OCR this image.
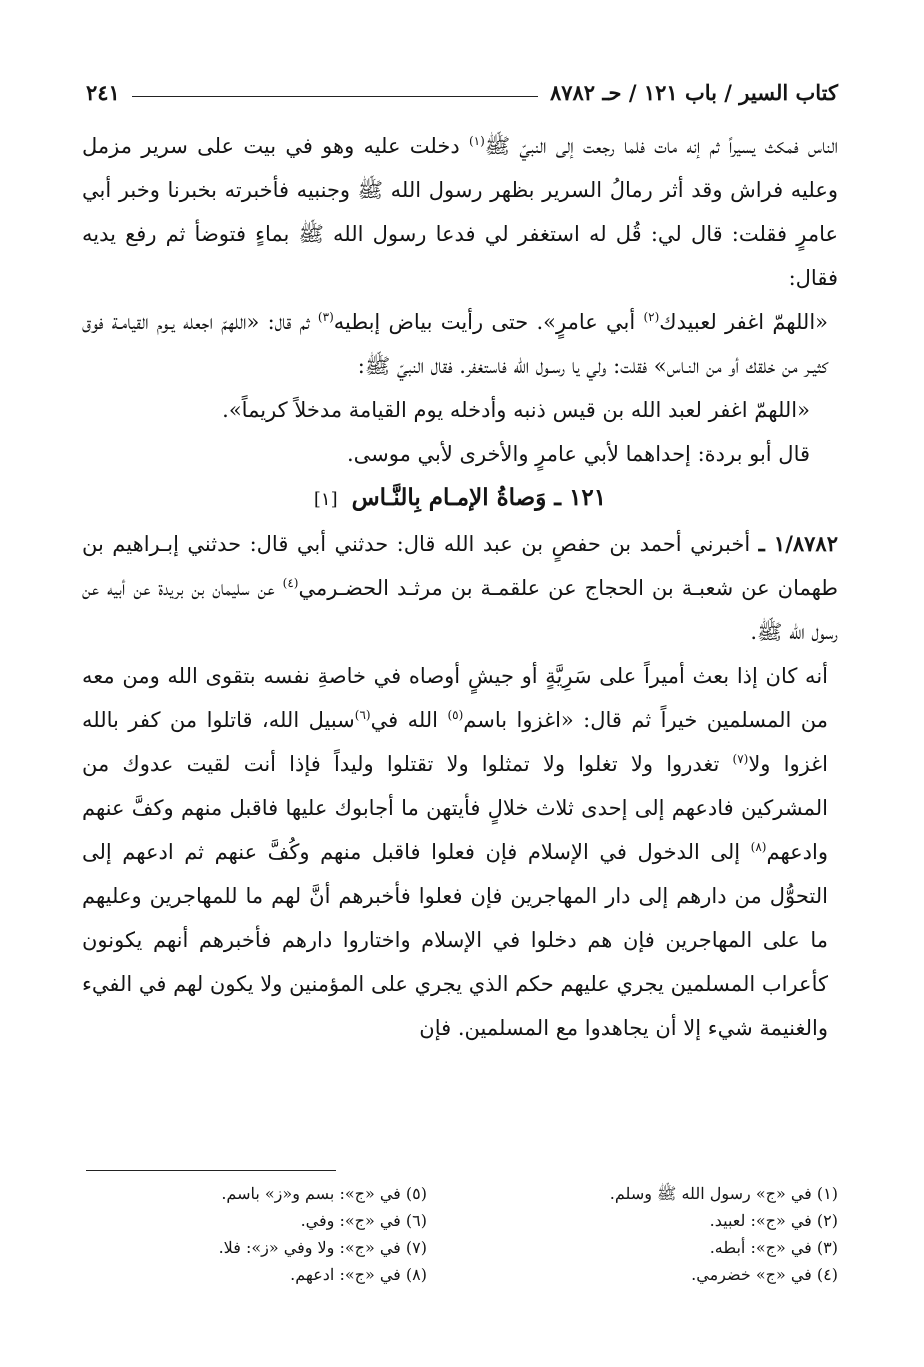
كتاب السير / باب ١٢١ / حـ ٨٧٨٢
٢٤١

الناس فمكث يسيراً ثم إنه مات فلما رجعت إلى النبيّ ﷺ$^{(١)}$ دخلت عليه وهو في بيت على سرير مزمل وعليه فراش وقد أثر رمالُ السرير بظهر رسول الله ﷺ وجنبيه فأخبرته بخبرنا وخبر أبي عامرٍ فقلت: قال لي: قُل له استغفر لي فدعا رسول الله ﷺ بماءٍ فتوضأ ثم رفع يديه فقال:

«اللهمّ اغفر لعبيدك$^{(٢)}$ أبي عامرٍ». حتى رأيت بياض إبطيه$^{(٣)}$ ثم قال: «اللهمّ اجعله يـوم القيامـة فوق كثيـر من خلقك أو من النـاس» فقلت: ولي يا رسـول الله فاستغفر. فقال النبيّ ﷺ:

«اللهمّ اغفر لعبد الله بن قيس ذنبه وأدخله يوم القيامة مدخلاً كريماً».

قال أبو بردة: إحداهما لأبي عامرٍ والأخرى لأبي موسى.

١٢١ ـ وَصاةُ الإمـام بِالنَّـاس[١]

١/٨٧٨٢ ـ أخبرني أحمد بن حفصٍ بن عبد الله قال: حدثني أبي قال: حدثني إبـراهيم بن طهمان عن شعبـة بن الحجاج عن علقمـة بن مرثـد الحضـرمي$^{(٤)}$ عن سليمان بن بريدة عن أبيه عن رسول الله ﷺ.

أنه كان إذا بعث أميراً على سَرِيَّةٍ أو جيشٍ أوصاه في خاصةِ نفسه بتقوى الله ومن معه من المسلمين خيراً ثم قال: «اغزوا باسم$^{(٥)}$ الله في$^{(٦)}$سبيل الله، قاتلوا من كفر بالله اغزوا ولا$^{(٧)}$ تغدروا ولا تغلوا ولا تمثلوا ولا تقتلوا وليداً فإذا أنت لقيت عدوك من المشركين فادعهم إلى إحدى ثلاث خلالٍ فأيتهن ما أجابوك عليها فاقبل منهم وكفَّ عنهم وادعهم$^{(٨)}$ إلى الدخول في الإسلام فإن فعلوا فاقبل منهم وكُفَّ عنهم ثم ادعهم إلى التحوُّل من دارهم إلى دار المهاجرين فإن فعلوا فأخبرهم أنَّ لهم ما للمهاجرين وعليهم ما على المهاجرين فإن هم دخلوا في الإسلام واختاروا دارهم فأخبرهم أنهم يكونون كأعراب المسلمين يجري عليهم حكم الذي يجري على المؤمنين ولا يكون لهم في الفيء والغنيمة شيء إلا أن يجاهدوا مع المسلمين. فإن

(١) في «ج» رسول الله ﷺ وسلم.
(٢) في «ج»: لعبيد.
(٣) في «ج»: أبطه.
(٤) في «ج» خضرمي.
(٥) في «ج»: بسم و«ز» باسم.
(٦) في «ج»: وفي.
(٧) في «ج»: ولا وفي «ز»: فلا.
(٨) في «ج»: ادعهم.
